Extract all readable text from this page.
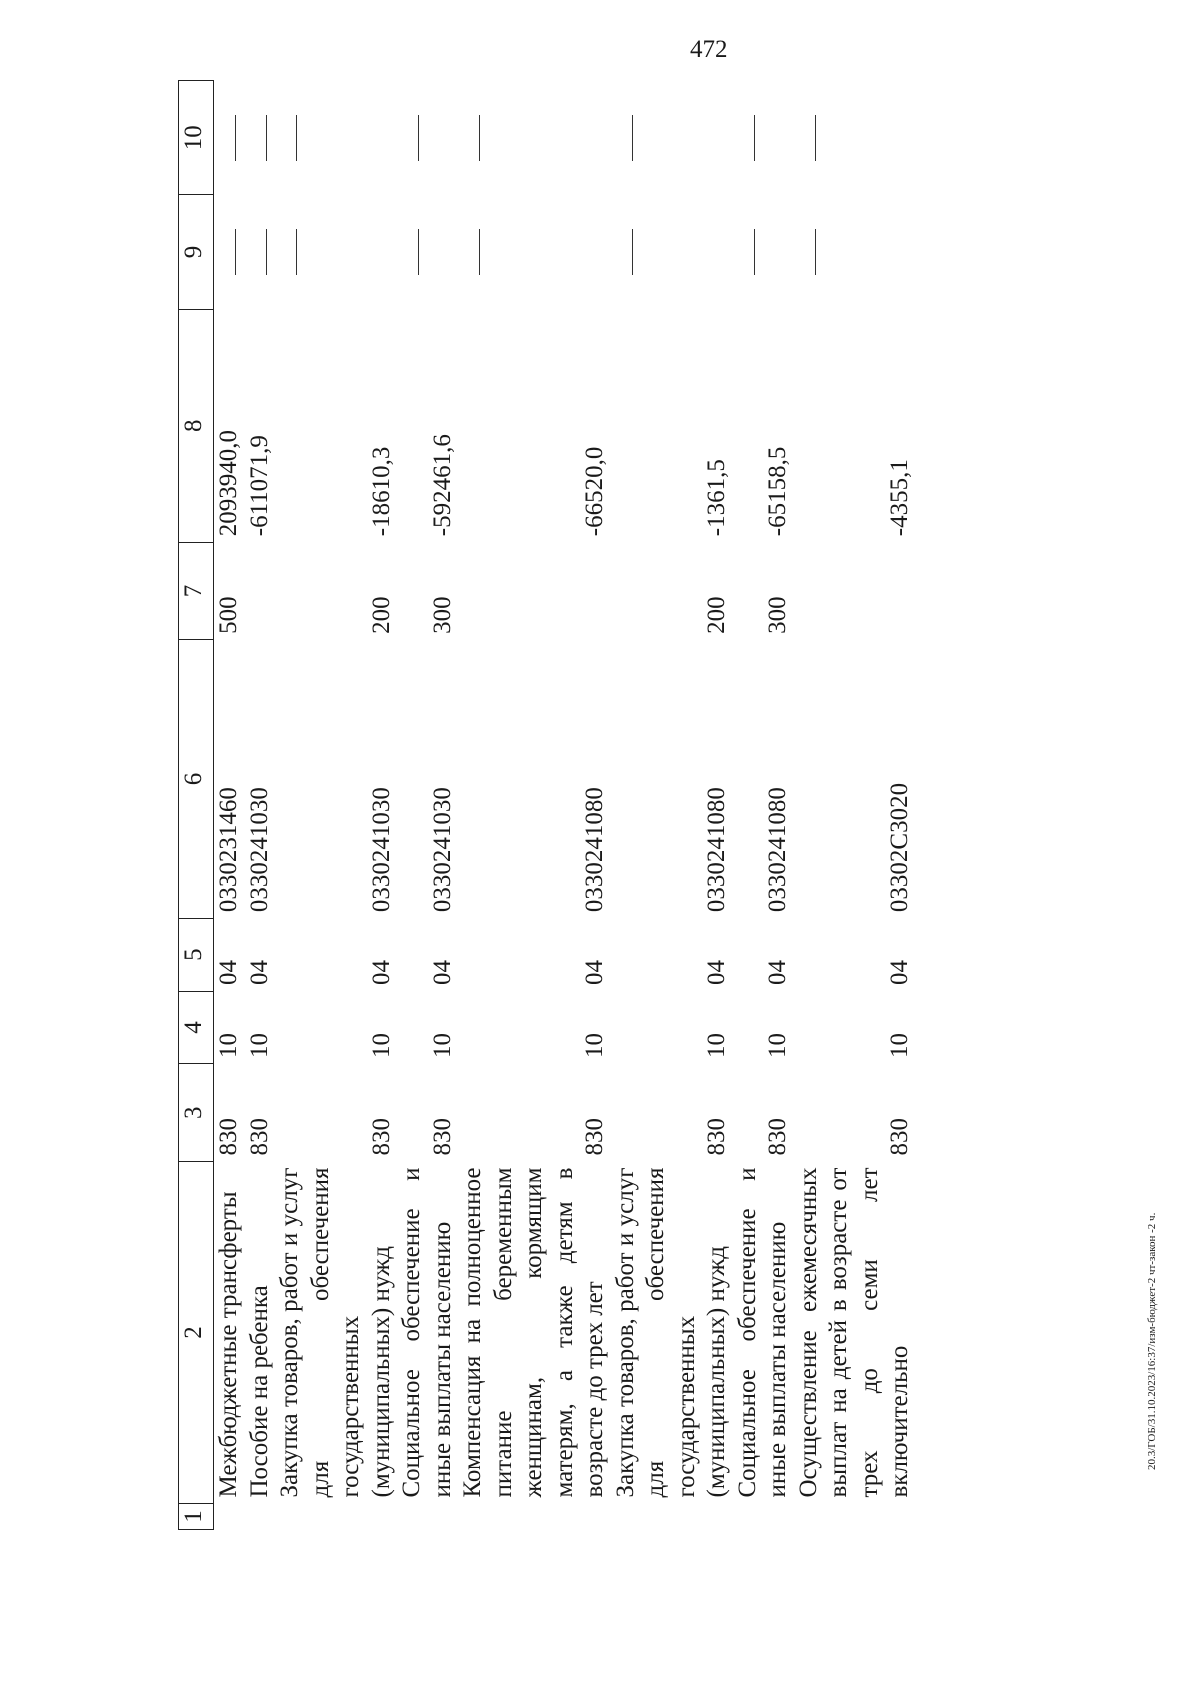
472
20.3/ГОБ/31.10.2023/16:37/изм-бюджет-2 чт-закон -2 ч.
1	2	3	4	5	6	7	8	9	10
	Межбюджетные трансферты	830	10	04	0330231460	500	2093940,0		
	Пособие на ребенка	830	10	04	0330241030		-611071,9		
	Закупка товаров, работ и услуг для обеспечения государственных (муниципальных) нужд	830	10	04	0330241030	200	-18610,3		
	Социальное обеспечение и иные выплаты населению	830	10	04	0330241030	300	-592461,6		
	Компенсация на полноценное питание беременным женщинам, кормящим матерям, а также детям в возрасте до трех лет	830	10	04	0330241080		-66520,0		
	Закупка товаров, работ и услуг для обеспечения государственных (муниципальных) нужд	830	10	04	0330241080	200	-1361,5		
	Социальное обеспечение и иные выплаты населению	830	10	04	0330241080	300	-65158,5		
	Осуществление ежемесячных выплат на детей в возрасте от трех до семи лет включительно	830	10	04	03302С3020		-4355,1		
